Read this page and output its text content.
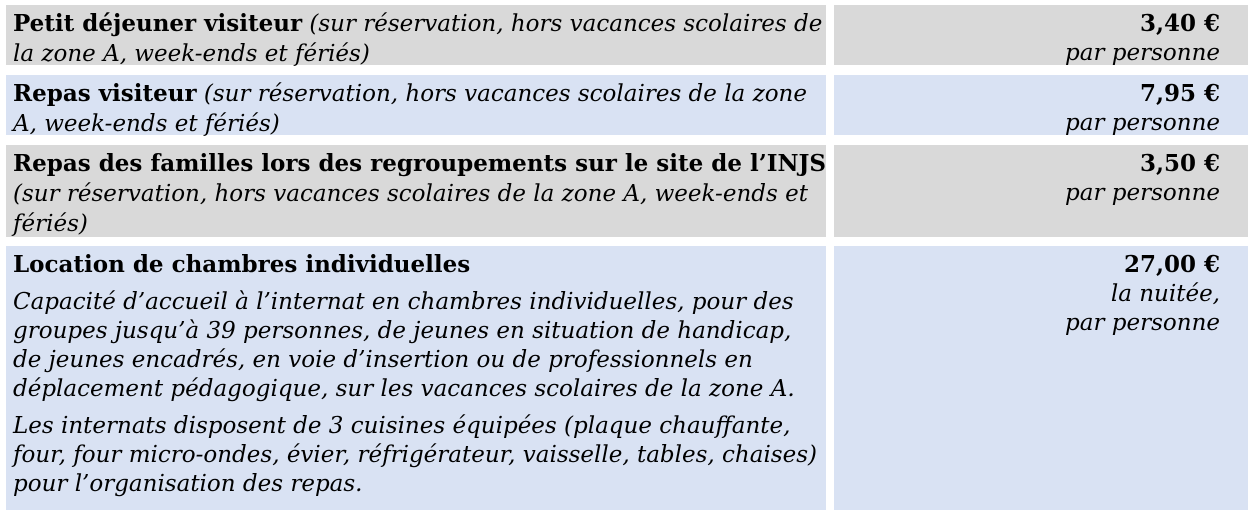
Petit déjeuner visiteur (sur réservation, hors vacances scolaires de la zone A, week-ends et fériés)
3,40 €
par personne
Repas visiteur (sur réservation, hors vacances scolaires de la zone A, week-ends et fériés)
7,95 €
par personne
Repas des familles lors des regroupements sur le site de l’INJS (sur réservation, hors vacances scolaires de la zone A, week-ends et fériés)
3,50 €
par personne
Location de chambres individuelles

Capacité d’accueil à l’internat en chambres individuelles, pour des groupes jusqu’à 39 personnes, de jeunes en situation de handicap, de jeunes encadrés, en voie d’insertion ou de professionnels en déplacement pédagogique, sur les vacances scolaires de la zone A.

Les internats disposent de 3 cuisines équipées (plaque chauffante, four, four micro-ondes, évier, réfrigérateur, vaisselle, tables, chaises) pour l’organisation des repas.

27,00 €
la nuitée,
par personne
